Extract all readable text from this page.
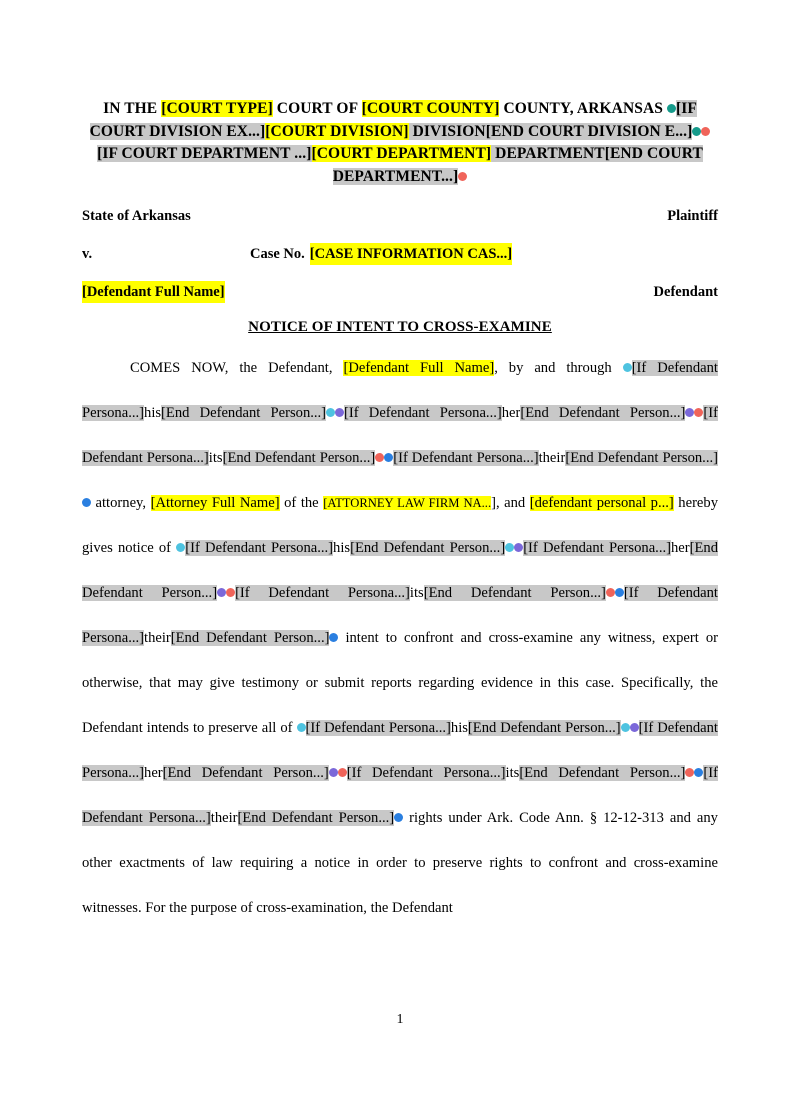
IN THE [COURT TYPE] COURT OF [COURT COUNTY] COUNTY, ARKANSAS [IF COURT DIVISION EX...][COURT DIVISION] DIVISION[END COURT DIVISION E...][IF COURT DEPARTMENT ...][COURT DEPARTMENT] DEPARTMENT[END COURT DEPARTMENT...]
State of Arkansas	Plaintiff
v.	Case No. [CASE INFORMATION CAS...]
[Defendant Full Name]	Defendant
NOTICE OF INTENT TO CROSS-EXAMINE
COMES NOW, the Defendant, [Defendant Full Name], by and through [If Defendant Persona...]his[End Defendant Person...] [If Defendant Persona...]her[End Defendant Person...] [If Defendant Persona...]its[End Defendant Person...] [If Defendant Persona...]their[End Defendant Person...] attorney, [Attorney Full Name] of the [ATTORNEY LAW FIRM NA...], and [defendant personal p...] hereby gives notice of [If Defendant Persona...]his[End Defendant Person...] [If Defendant Persona...]her[End Defendant Person...] [If Defendant Persona...]its[End Defendant Person...] [If Defendant Persona...]their[End Defendant Person...] intent to confront and cross-examine any witness, expert or otherwise, that may give testimony or submit reports regarding evidence in this case. Specifically, the Defendant intends to preserve all of [If Defendant Persona...]his[End Defendant Person...] [If Defendant Persona...]her[End Defendant Person...] [If Defendant Persona...]its[End Defendant Person...] [If Defendant Persona...]their[End Defendant Person...] rights under Ark. Code Ann. § 12-12-313 and any other exactments of law requiring a notice in order to preserve rights to confront and cross-examine witnesses. For the purpose of cross-examination, the Defendant
1
